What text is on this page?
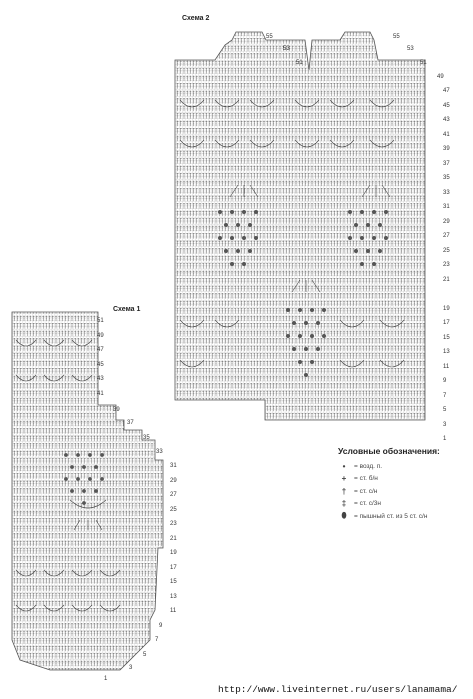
Схема 2
Схема 1
55
53
51
55
53
51
49
47
45
43
41
39
37
35
33
31
29
27
25
23
21
19
17
15
13
11
9
7
5
3
1
51
49
47
45
43
41
39
37
35
33
31
29
27
25
23
21
19
17
15
13
11
9
7
5
3
1
Условные обозначения:
•	= возд. п.
+	= ст. б/н
†	= ст. с/н
‡	= ст. с/3н
⬮	= пышный ст. из 5 ст. с/н
http://www.liveinternet.ru/users/lanamama/
